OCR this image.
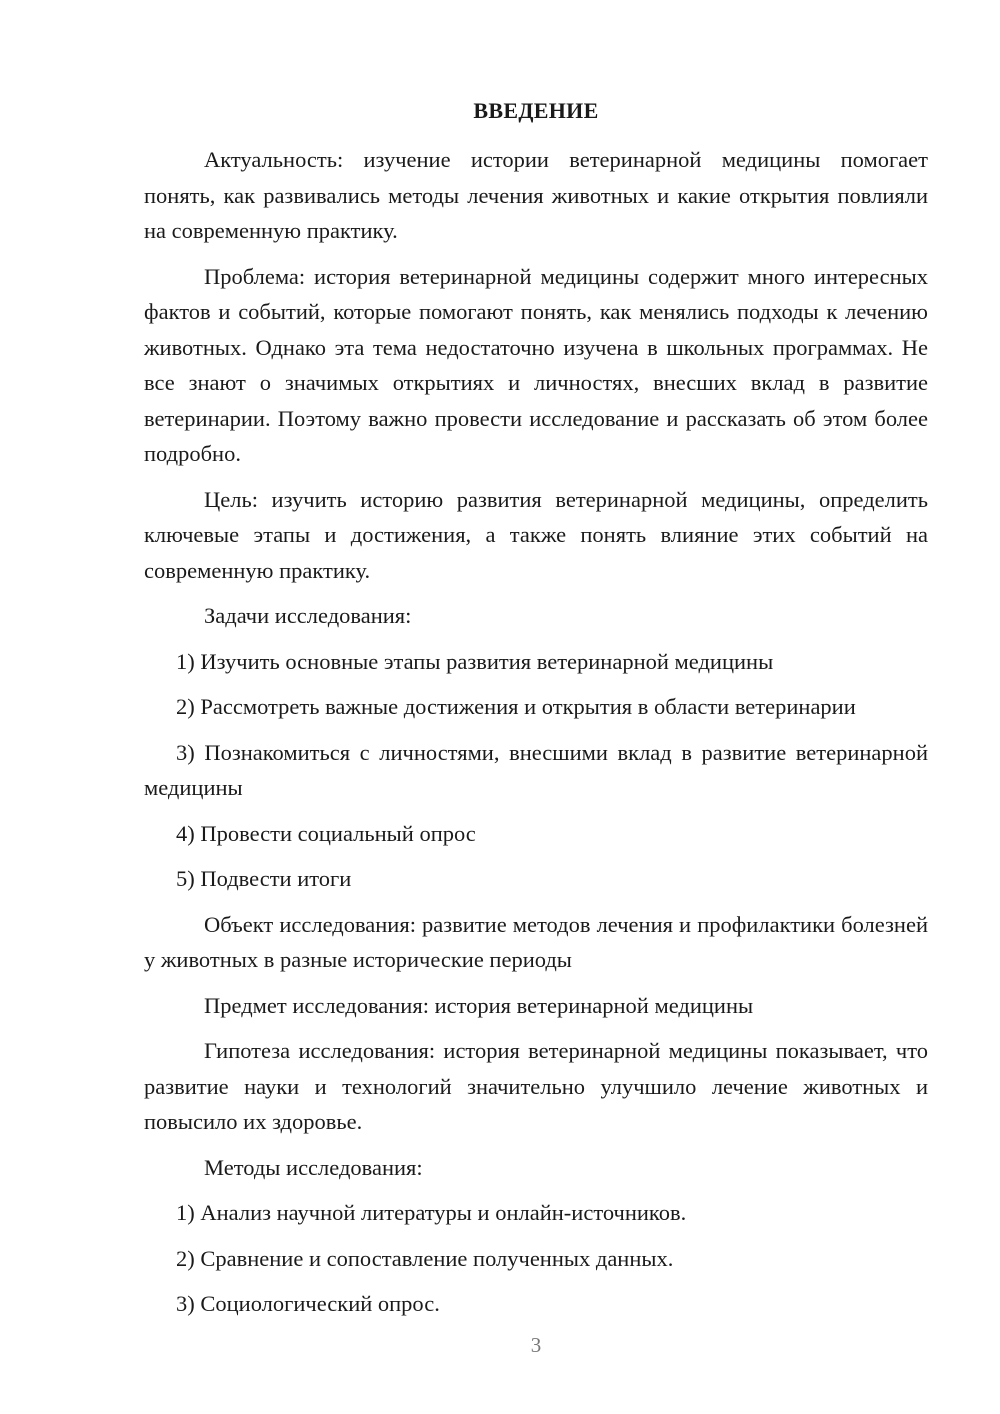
ВВЕДЕНИЕ

Актуальность: изучение истории ветеринарной медицины помогает понять, как развивались методы лечения животных и какие открытия повлияли на современную практику.

Проблема: история ветеринарной медицины содержит много интересных фактов и событий, которые помогают понять, как менялись подходы к лечению животных. Однако эта тема недостаточно изучена в школьных программах. Не все знают о значимых открытиях и личностях, внесших вклад в развитие ветеринарии. Поэтому важно провести исследование и рассказать об этом более подробно.

Цель: изучить историю развития ветеринарной медицины, определить ключевые этапы и достижения, а также понять влияние этих событий на современную практику.

Задачи исследования:

1) Изучить основные этапы развития ветеринарной медицины

2) Рассмотреть важные достижения и открытия в области ветеринарии

3) Познакомиться с личностями, внесшими вклад в развитие ветеринарной медицины

4) Провести социальный опрос

5) Подвести итоги

Объект исследования: развитие методов лечения и профилактики болезней у животных в разные исторические периоды

Предмет исследования: история ветеринарной медицины

Гипотеза исследования: история ветеринарной медицины показывает, что развитие науки и технологий значительно улучшило лечение животных и повысило их здоровье.

Методы исследования:

1) Анализ научной литературы и онлайн-источников.

2) Сравнение и сопоставление полученных данных.

3) Социологический опрос.

3
